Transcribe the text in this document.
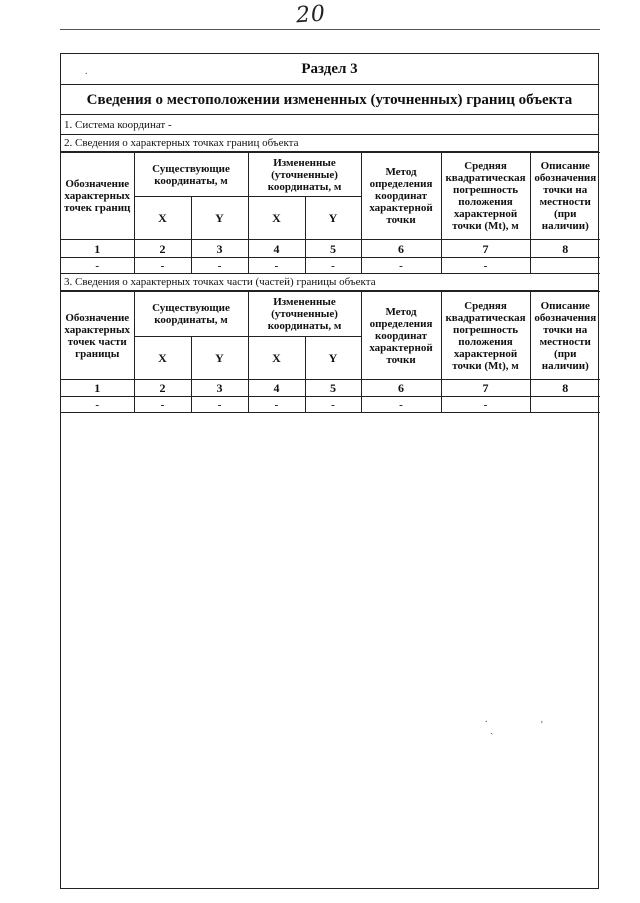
20
Раздел 3
.
Сведения о местоположении измененных (уточненных) границ объекта
1. Система координат -
2. Сведения о характерных точках границ объекта
Обозначение характерных точек границ	Существующие координаты, м		Измененные (уточненные) координаты, м		Метод определения координат характерной точки	Средняя квадратическая погрешность положения характерной точки (Mt), м	Описание обозначения точки на местности (при наличии)
	X	Y	X	Y			
1	2	3	4	5	6	7	8
-	-	-	-	-	-	-	
3. Сведения о характерных точках части (частей) границы объекта
Обозначение характерных точек части границы	Существующие координаты, м		Измененные (уточненные) координаты, м		Метод определения координат характерной точки	Средняя квадратическая погрешность положения характерной точки (Mt), м	Описание обозначения точки на местности (при наличии)
	X	Y	X	Y			
1	2	3	4	5	6	7	8
-	-	-	-	-	-	-	
.
'
ˎ
